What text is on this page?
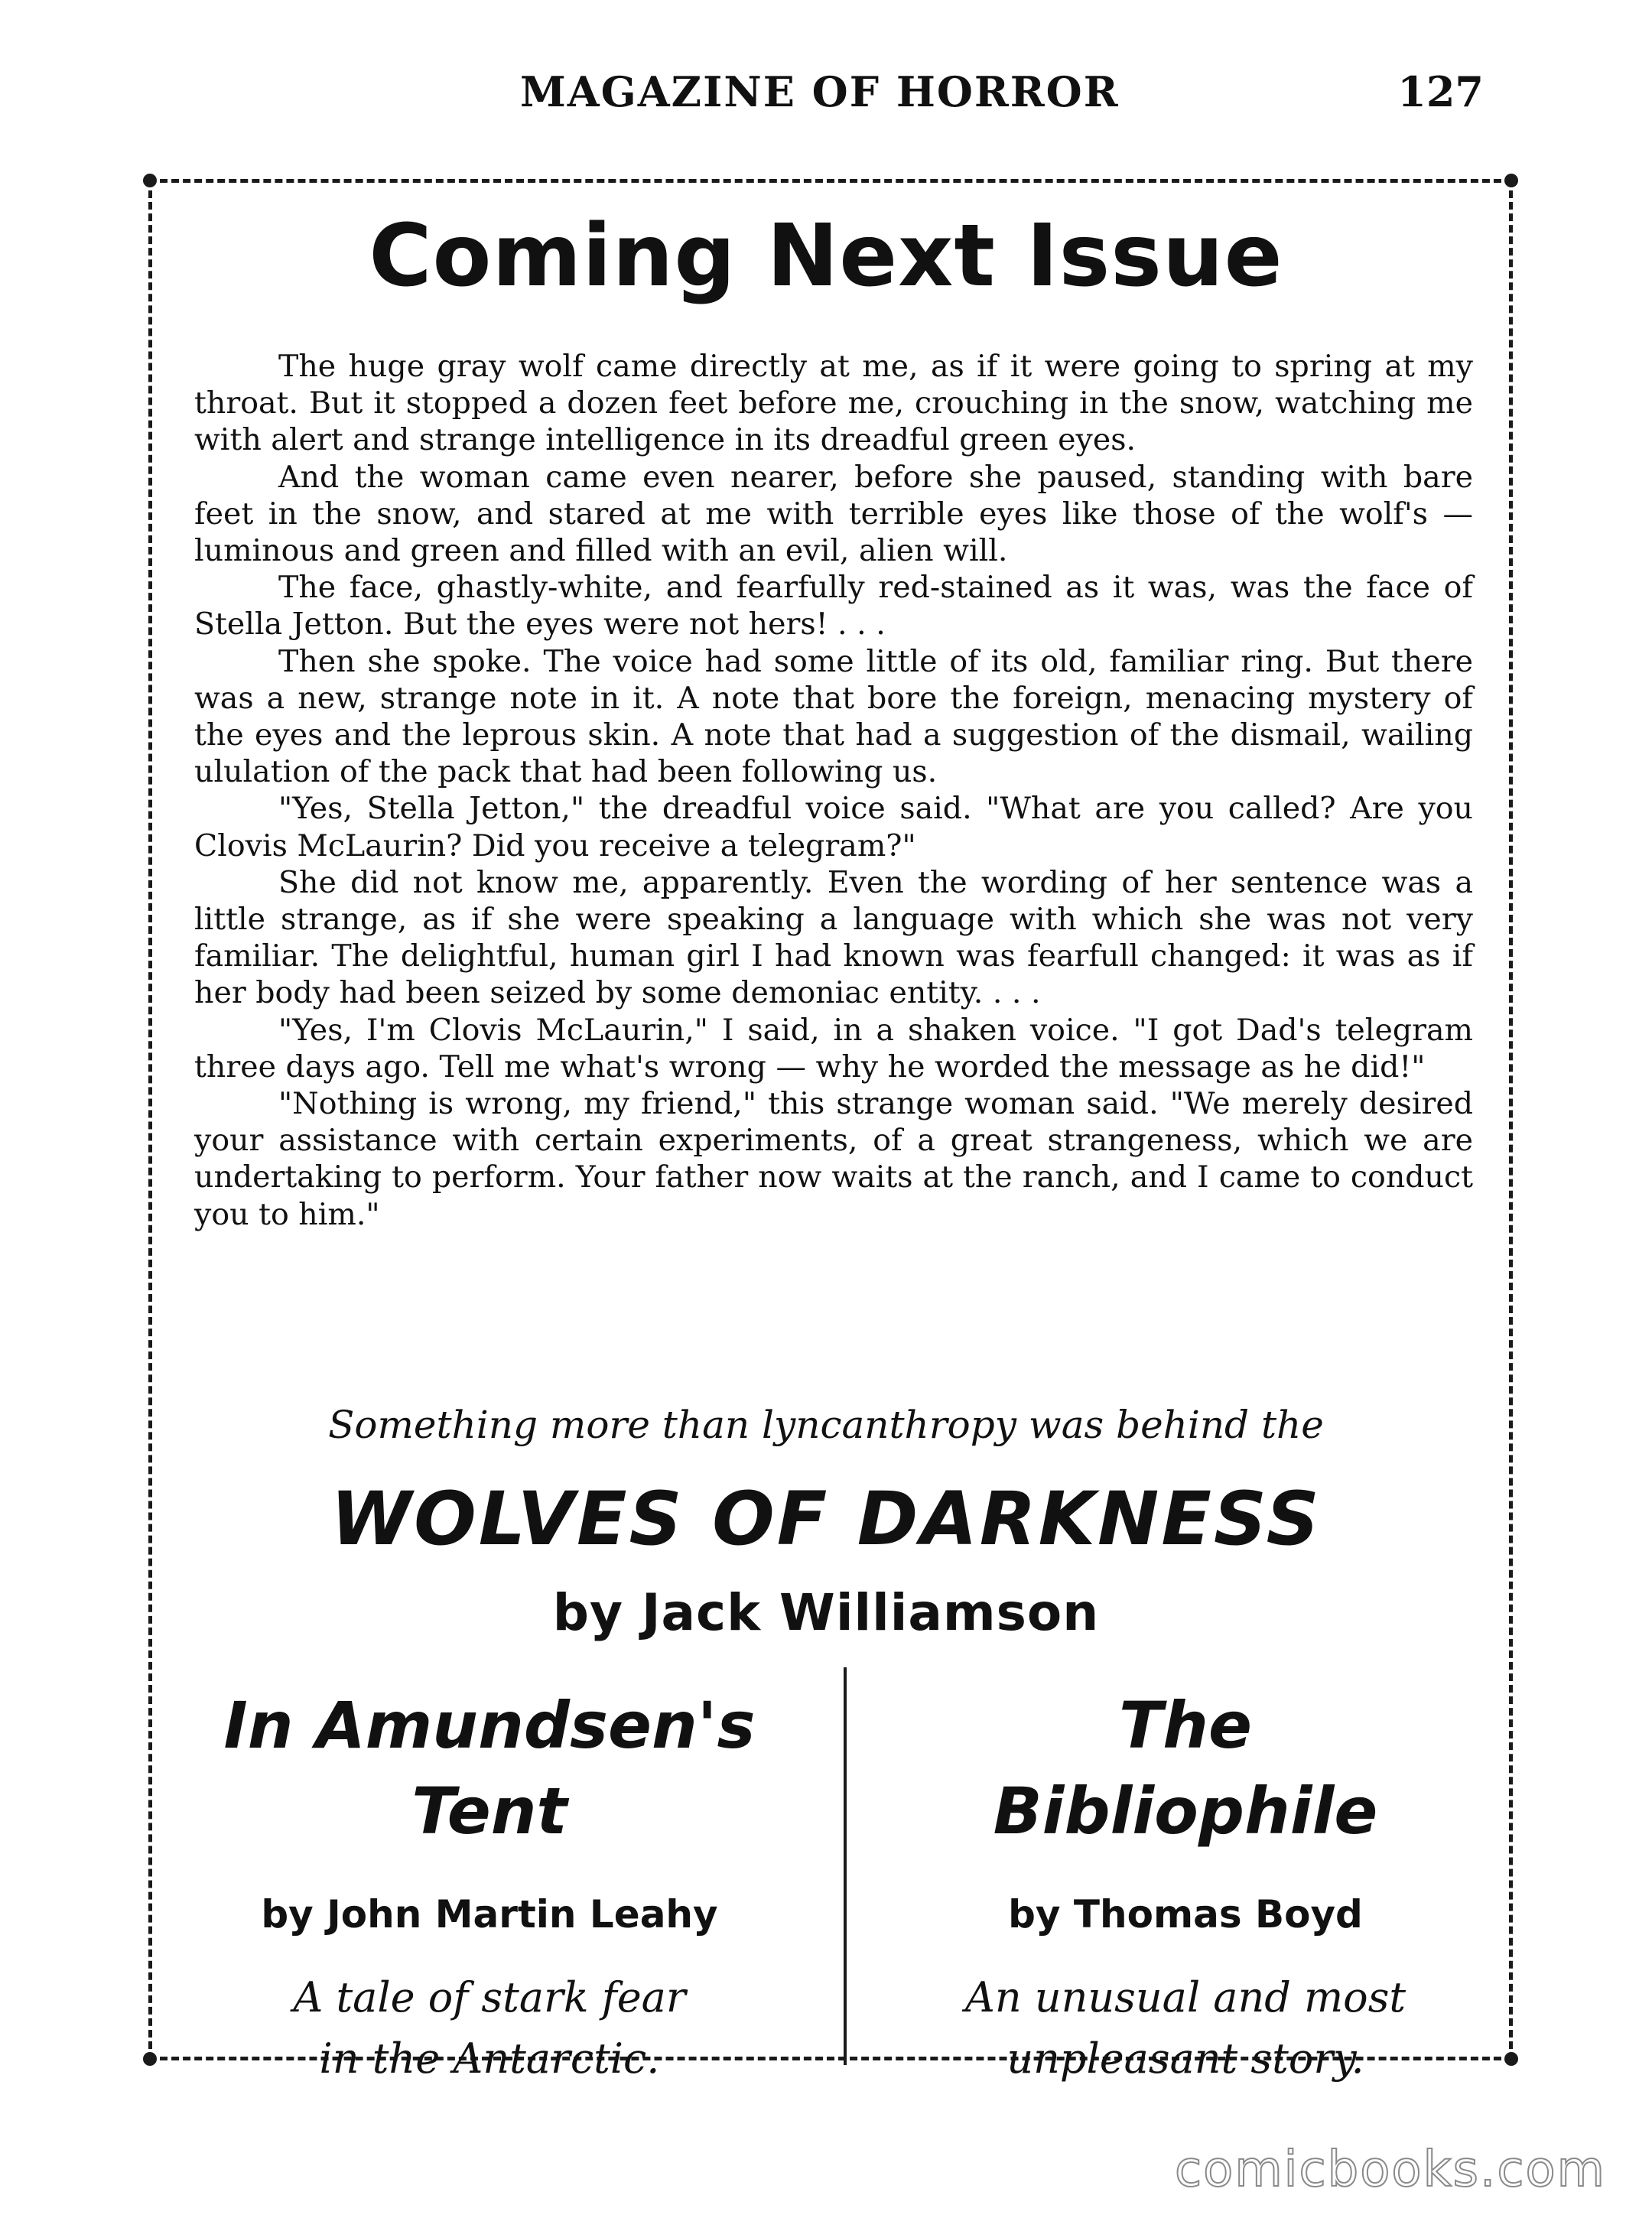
MAGAZINE OF HORROR	127
Coming Next Issue

The huge gray wolf came directly at me, as if it were going to spring at my throat. But it stopped a dozen feet before me, crouching in the snow, watching me with alert and strange intelligence in its dreadful green eyes.

And the woman came even nearer, before she paused, standing with bare feet in the snow, and stared at me with terrible eyes like those of the wolf's — luminous and green and filled with an evil, alien will.

The face, ghastly-white, and fearfully red-stained as it was, was the face of Stella Jetton. But the eyes were not hers! . . .

Then she spoke. The voice had some little of its old, familiar ring. But there was a new, strange note in it. A note that bore the foreign, menacing mystery of the eyes and the leprous skin. A note that had a suggestion of the dismail, wailing ululation of the pack that had been following us.

"Yes, Stella Jetton," the dreadful voice said. "What are you called? Are you Clovis McLaurin? Did you receive a telegram?"

She did not know me, apparently. Even the wording of her sentence was a little strange, as if she were speaking a language with which she was not very familiar. The delightful, human girl I had known was fearfull changed: it was as if her body had been seized by some demoniac entity. . . .

"Yes, I'm Clovis McLaurin," I said, in a shaken voice. "I got Dad's telegram three days ago. Tell me what's wrong — why he worded the message as he did!"

"Nothing is wrong, my friend," this strange woman said. "We merely desired your assistance with certain experiments, of a great strangeness, which we are undertaking to perform. Your father now waits at the ranch, and I came to conduct you to him."

Something more than lyncanthropy was behind the
WOLVES OF DARKNESS
by Jack Williamson
In Amundsen's
Tent
by John Martin Leahy
A tale of stark fear
in the Antarctic.
The
Bibliophile
by Thomas Boyd
An unusual and most
unpleasant story.
comicbooks.com
